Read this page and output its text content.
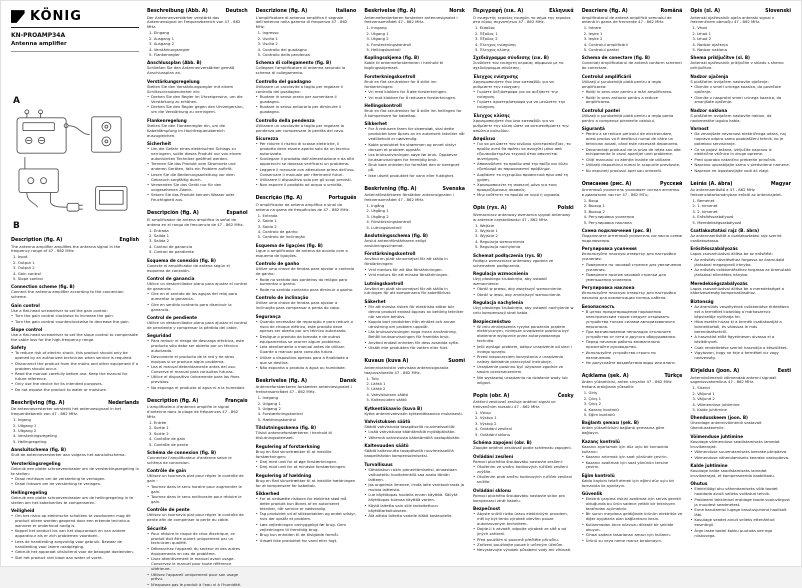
KÖNIG
KN-PROAMP34A
Antenna amplifier
A
B
Description (fig. A)	English
The antenna amplifier amplifies the antenna signal in the frequency range of 47 - 862 MHz.
1. Input
2. Output 1
3. Output 2
4. Gain control
5. Slope control
Connection scheme (fig. B)
Connect the antenna amplifier according to the connection scheme.
Gain control
Use a flat-head screwdriver to set the gain control:
• Turn the gain control clockwise to increase the gain.
• Turn the gain control counterclockwise to decrease the gain.
Slope control
Use a flat-head screwdriver to set the slope control to compensate the cable loss for the high-frequency range.
Safety
• To reduce risk of electric shock, this product should only be opened by an authorized technician when service is required.
• Disconnect the product from the mains and other equipment if a problem should occur.
• Read the manual carefully before use. Keep the manual for future reference.
• Only use the device for its intended purposes.
• Do not expose the product to water or moisture.
Beschrijving (fig. A)	Nederlands
De antenneversterker versterkt het antennesignaal in het frequentiebereik van 47 - 862 MHz.
1. Ingang
2. Uitgang 1
3. Uitgang 2
4. Versterkingsregeling
5. Hellingregeling
Aansluitschema (fig. B)
Sluit de antenneversterker aan volgens het aansluitschema.
Versterkingsregeling
Gebruik een platte schroevendraaier om de versterkingsregeling in te stellen:
• Draai rechtsom om de versterking te verhogen.
• Draai linksom om de versterking te verlagen.
Hellingregeling
Gebruik een platte schroevendraaier om de hellingregeling in te stellen om het kabelverlies te compenseren.
Veiligheid
• Om het risico op elektrische schokken te voorkomen mag dit product alleen worden geopend door een erkende technicus wanneer er onderhoud nodig is.
• Koppel het product los van het stopcontact en van andere apparatuur als er zich problemen voordoen.
• Lees de handleiding zorgvuldig voor gebruik. Bewaar de handleiding voor latere raadpleging.
• Gebruik het apparaat uitsluitend voor de beoogde doeleinden.
• Stel het product niet bloot aan water of vocht.
Beschreibung (Abb. A)	Deutsch
Der Antennenverstärker verstärkt das Antennensignal im Frequenzbereich von 47 - 862 MHz.
1. Eingang
2. Ausgang 1
3. Ausgang 2
4. Verstärkungsregler
5. Flankenregler
Anschlussplan (Abb. B)
Schließen Sie den Antennenverstärker gemäß Anschlussplan an.
Verstärkungsregelung
Stellen Sie den Verstärkungsregler mit einem Schlitzschraubendreher ein:
• Drehen Sie den Regler im Uhrzeigersinn, um die Verstärkung zu erhöhen.
• Drehen Sie den Regler gegen den Uhrzeigersinn, um die Verstärkung zu verringern.
Flankenregelung
Stellen Sie den Flankenregler ein, um die Kabeldämpfung im Hochfrequenzbereich auszugleichen.
Sicherheit
• Um die Gefahr eines elektrischen Schlags zu verringern, sollte dieses Produkt nur von einem autorisierten Techniker geöffnet werden.
• Trennen Sie das Produkt vom Stromnetz und anderen Geräten, falls ein Problem auftritt.
• Lesen Sie die Bedienungsanleitung vor dem Gebrauch sorgfältig durch.
• Verwenden Sie das Gerät nur für den vorgesehenen Zweck.
• Setzen Sie das Produkt keinem Wasser oder Feuchtigkeit aus.
Descripción (fig. A)	Español
El amplificador de antena amplifica la señal de antena en el rango de frecuencia de 47 - 862 MHz.
1. Entrada
2. Salida 1
3. Salida 2
4. Control de ganancia
5. Control de pendiente
Esquema de conexión (fig. B)
Conecte el amplificador de antena según el esquema de conexión.
Control de ganancia
Utilice un destornillador plano para ajustar el control de ganancia:
• Gire en el sentido de las agujas del reloj para aumentar la ganancia.
• Gire en sentido contrario para disminuir la ganancia.
Control de pendiente
Utilice un destornillador plano para ajustar el control de pendiente y compensar la pérdida del cable.
Seguridad
• Para reducir el riesgo de descarga eléctrica, este producto sólo debe ser abierto por un técnico autorizado.
• Desconecte el producto de la red y de otros equipos si se produce algún problema.
• Lea el manual detenidamente antes del uso. Conserve el manual para consultas futuras.
• Utilice el dispositivo únicamente para los fines previstos.
• No exponga el producto al agua ni a la humedad.
Description (fig. A)	Français
L'amplificateur d'antenne amplifie le signal d'antenne dans la plage de fréquences 47 - 862 MHz.
1. Entrée
2. Sortie 1
3. Sortie 2
4. Contrôle de gain
5. Contrôle de pente
Schéma de connexion (fig. B)
Connectez l'amplificateur d'antenne selon le schéma de connexion.
Contrôle de gain
Utilisez un tournevis plat pour régler le contrôle de gain :
• Tournez dans le sens horaire pour augmenter le gain.
• Tournez dans le sens antihoraire pour réduire le gain.
Contrôle de pente
Utilisez un tournevis plat pour régler le contrôle de pente afin de compenser la perte du câble.
Sécurité
• Pour réduire le risque de choc électrique, ce produit doit être ouvert uniquement par un technicien qualifié.
• Débranchez l'appareil du secteur et des autres équipements en cas de problème.
• Lisez attentivement le manuel avant usage. Conservez le manuel pour toute référence ultérieure.
• Utilisez l'appareil uniquement pour son usage prévu.
• N'exposez pas le produit à l'eau ni à l'humidité.
Descrizione (fig. A)	Italiano
L'amplificatore di antenna amplifica il segnale dell'antenna nella gamma di frequenza 47 - 862 MHz.
1. Ingresso
2. Uscita 1
3. Uscita 2
4. Controllo del guadagno
5. Controllo della pendenza
Schema di collegamento (fig. B)
Collegare l'amplificatore di antenna secondo lo schema di collegamento.
Controllo del guadagno
Utilizzare un cacciavite a taglio per regolare il controllo del guadagno:
• Ruotare in senso orario per aumentare il guadagno.
• Ruotare in senso antiorario per diminuire il guadagno.
Controllo della pendenza
Utilizzare un cacciavite a taglio per regolare la pendenza per compensare la perdita del cavo.
Sicurezza
• Per ridurre il rischio di scosse elettriche, il prodotto deve essere aperto solo da un tecnico autorizzato.
• Scollegare il prodotto dall'alimentazione e da altri apparecchi se dovesse verificarsi un problema.
• Leggere il manuale con attenzione prima dell'uso. Conservare il manuale per riferimenti futuri.
• Utilizzare il dispositivo solo per gli scopi previsti.
• Non esporre il prodotto ad acqua o umidità.
Descrição (fig. A)	Português
O amplificador de antena amplifica o sinal da antena na gama de frequências de 47 - 862 MHz.
1. Entrada
2. Saída 1
3. Saída 2
4. Controlo de ganho
5. Controlo de inclinação
Esquema de ligações (fig. B)
Ligue o amplificador de antena de acordo com o esquema de ligações.
Controlo de ganho
Utilize uma chave de fendas para ajustar o controlo de ganho:
• Rode no sentido dos ponteiros do relógio para aumentar o ganho.
• Rode no sentido contrário para diminuir o ganho.
Controlo de inclinação
Utilize uma chave de fendas para ajustar a inclinação para compensar a perda do cabo.
Segurança
• Quando necessitar de reparação e para reduzir o risco de choque elétrico, este produto deve apenas ser aberto por um técnico autorizado.
• Desligue o produto da tomada e de outros equipamentos se ocorrer algum problema.
• Leia atentamente o manual antes de utilizar. Guarde o manual para consulta futura.
• Utilize o dispositivo apenas para a finalidade a que se destina.
• Não exponha o produto à água ou humidade.
Beskrivelse (fig. A)	Dansk
Antenneforstærkeren forstærker antennesignalet i frekvensområdet 47 - 862 MHz.
1. Indgang
2. Udgang 1
3. Udgang 2
4. Forstærkningskontrol
5. Hældningskontrol
Tilslutningsskema (fig. B)
Tilslut antenneforstærkeren i henhold til tilslutningsskemaet.
Regulering af forstærkning
Brug en flad skruetrækker til at indstille forstærkningen:
• Drej med uret for at øge forstærkningen.
• Drej mod uret for at mindske forstærkningen.
Regulering af hældning
Brug en flad skruetrækker til at indstille hældningen for at kompensere for kabeltab.
Sikkerhed
• For at nedsætte risikoen for elektrisk stød må dette produkt kun åbnes af en autoriseret tekniker, når service er nødvendig.
• Tag produktet ud af stikkontakten og andet udstyr, hvis der opstår et problem.
• Læs vejledningen omhyggeligt før brug. Gem vejledningen til fremtidig brug.
• Brug kun enheden til de tilsigtede formål.
• Udsæt ikke produktet for vand eller fugt.
Beskrivelse (fig. A)	Norsk
Antenneforsterkeren forsterker antennesignalet i frekvensområdet 47 - 862 MHz.
1. Inngang
2. Utgang 1
3. Utgang 2
4. Forsterkningskontroll
5. Hellingskontroll
Koplingsskjema (fig. B)
Koble til antenneforsterkeren i henhold til koplingsskjemaet.
Forsterkningskontroll
Bruk en flat skrutrekker for å stille inn forsterkningen:
• Vri med klokken for å øke forsterkningen.
• Vri mot klokken for å redusere forsterkningen.
Hellingskontroll
Bruk en flat skrutrekker for å stille inn hellingen for å kompensere for kabeltap.
Sikkerhet
• For å redusere faren for strømstøt, skal dette produktet bare åpnes av en autorisert tekniker når vedlikehold er nødvendig.
• Koble produktet fra strømmen og annet utstyr dersom et problem oppstår.
• Les bruksanvisningen nøye før bruk. Oppbevar bruksanvisningen for fremtidig bruk.
• Bruk bare enheten for formålet den er beregnet på.
• Ikke utsett produktet for vann eller fuktighet.
Beskrivning (fig. A)	Svenska
Antennförstärkaren förstärker antennsignalen i frekvensområdet 47 - 862 MHz.
1. Ingång
2. Utgång 1
3. Utgång 2
4. Förstärkningskontroll
5. Lutningskontroll
Anslutningsschema (fig. B)
Anslut antennförstärkaren enligt anslutningsschemat.
Förstärkningskontroll
Använd en platt skruvmejsel för att ställa in förstärkningen:
• Vrid medurs för att öka förstärkningen.
• Vrid moturs för att minska förstärkningen.
Lutningskontroll
Använd en platt skruvmejsel för att ställa in lutningen för att kompensera för kabelförlust.
Säkerhet
• För att minska risken för elektriska stötar bör denna produkt endast öppnas av behörig tekniker när service behövs.
• Koppla bort produkten från elnätet och annan utrustning om problem uppstår.
• Läs bruksanvisningen noga innan användning. Behåll bruksanvisningen för framtida bruk.
• Använd endast enheten för dess avsedda syfte.
• Utsätt inte produkten för vatten eller fukt.
Kuvaus (kuva A)	Suomi
Antennivahvistin vahvistaa antennisignaalia taajuusalueella 47 - 862 MHz.
1. Tulo
2. Lähtö 1
3. Lähtö 2
4. Vahvistuksen säätö
5. Kaltevuuden säätö
Kytkentäkaavio (kuva B)
Kytke antennivahvistin kytkentäkaavion mukaisesti.
Vahvistuksen säätö
Säädä vahvistusta tasapäisellä ruuvimeisselillä:
• Lisää vahvistusta kääntämällä myötäpäivään.
• Vähennä vahvistusta kääntämällä vastapäivään.
Kaltevuuden säätö
Säädä kaltevuutta tasapäisellä ruuvimeisselillä kaapelihäviön kompensoimiseksi.
Turvallisuus
• Sähköiskun riskin pienentämiseksi, ainoastaan valtuutettu huoltohenkilö saa avata tämän laitteen.
• Jos ongelmia ilmenee, irrota laite verkkovirrasta ja muista laitteista.
• Lue käyttöopas huolella ennen käyttöä. Säilytä käyttöopas tulevaa käyttöä varten.
• Käytä laitetta vain sille tarkoitettuun käyttötarkoitukseen.
• Älä altista laitetta vedelle äläkä kosteudelle.
Περιγραφή (εικ. A)	Ελληνικά
Ο ενισχυτής κεραίας ενισχύει το σήμα της κεραίας στο εύρος συχνοτήτων 47 - 862 MHz.
1. Είσοδος
2. Έξοδος 1
3. Έξοδος 2
4. Έλεγχος ενίσχυσης
5. Έλεγχος κλίσης
Σχεδιάγραμμα σύνδεσης (εικ. B)
Συνδέστε τον ενισχυτή κεραίας σύμφωνα με το σχεδιάγραμμα σύνδεσης.
Έλεγχος ενίσχυσης
Χρησιμοποιήστε ένα ίσιο κατσαβίδι για να ρυθμίσετε την ενίσχυση:
• Γυρίστε δεξιόστροφα για να αυξήσετε την ενίσχυση.
• Γυρίστε αριστερόστροφα για να μειώσετε την ενίσχυση.
Έλεγχος κλίσης
Χρησιμοποιήστε ένα ίσιο κατσαβίδι για να ρυθμίσετε την κλίση ώστε να αντισταθμίσετε την απώλεια καλωδίου.
Ασφάλεια
• Για να μειώσετε τον κίνδυνο ηλεκτροπληξίας, το προϊόν αυτό θα πρέπει να ανοιχθεί μόνο από εξουσιοδοτημένο τεχνικό όταν απαιτείται συντήρηση.
• Αποσυνδέστε το προϊόν από την πρίζα και άλλο εξοπλισμό αν παρουσιαστεί πρόβλημα.
• Διαβάστε το εγχειρίδιο προσεκτικά πριν από τη χρήση.
• Χρησιμοποιείτε τη συσκευή μόνο για τους προοριζόμενους σκοπούς.
• Μην εκθέτετε το προϊόν σε νερό ή υγρασία.
Opis (rys. A)	Polski
Wzmacniacz antenowy wzmacnia sygnał antenowy w zakresie częstotliwości 47 - 862 MHz.
1. Wejście
2. Wyjście 1
3. Wyjście 2
4. Regulacja wzmocnienia
5. Regulacja nachylenia
Schemat podłączenia (rys. B)
Podłącz wzmacniacz antenowy zgodnie ze schematem podłączenia.
Regulacja wzmocnienia
Użyj płaskiego śrubokręta, aby ustawić wzmocnienie:
• Obróć w prawo, aby zwiększyć wzmocnienie.
• Obróć w lewo, aby zmniejszyć wzmocnienie.
Regulacja nachylenia
Użyj płaskiego śrubokręta, aby ustawić nachylenie w celu kompensacji strat kabla.
Bezpieczeństwo
• W celu zmniejszenia ryzyka porażenia prądem elektrycznym, niniejsze urządzenie powinno być otwierane wyłącznie przez autoryzowanego technika.
• Jeśli wystąpi problem, odłącz urządzenie od sieci i innego sprzętu.
• Przed rozpoczęciem korzystania z urządzenia należy dokładnie przeczytać instrukcję.
• Urządzenie powinno być używane zgodnie ze swoim przeznaczeniem.
• Nie wystawiaj urządzenia na działanie wody lub wilgoci.
Popis (obr. A)	Česky
Anténní zesilovač zesiluje anténní signál ve frekvenčním rozsahu 47 - 862 MHz.
1. Vstup
2. Výstup 1
3. Výstup 2
4. Ovládání zesílení
5. Ovládání sklonu
Schéma zapojení (obr. B)
Zapojte anténní zesilovač podle schématu zapojení.
Ovládání zesílení
Pomocí plochého šroubováku nastavte zesílení:
• Otočením ve směru hodinových ručiček zesílení zvýšíte.
• Otočením proti směru hodinových ručiček zesílení snížíte.
Ovládání sklonu
Pomocí plochého šroubováku nastavte sklon pro kompenzaci ztrát kabelu.
Bezpečnost
• Abyste snížili riziko úrazu elektrickým proudem, měl by být tento výrobek otevřen pouze autorizovaným technikem.
• Dojde-li k závadě, odpojte výrobek ze sítě a od jiných zařízení.
• Před použitím si pozorně přečtěte příručku.
• Zařízení používejte pouze k určeným účelům.
• Nevystavujte výrobek působení vody ani vlhkosti.
Descriere (fig. A)	Română
Amplificatorul de antenă amplifică semnalul de antenă în gama de frecvențe 47 - 862 MHz.
1. Intrare
2. Ieșire 1
3. Ieșire 2
4. Controlul amplificării
5. Controlul pantei
Schema de conectare (fig. B)
Conectați amplificatorul de antenă conform schemei de conectare.
Controlul amplificării
Utilizați o șurubelniță plată pentru a regla amplificarea:
• Rotiți în sens orar pentru a mări amplificarea.
• Rotiți în sens antiorar pentru a reduce amplificarea.
Controlul pantei
Utilizați o șurubelniță plată pentru a regla panta pentru a compensa pierderile cablului.
Siguranță
• Pentru a se reduce pericolul de electrocutare, acest produs va fi desfăcut numai de către un tehnician avizat, când este necesară depanarea.
• Deconectați produsul de la priza de rețea sau alte echipamente în cazul apariției unei probleme.
• Citiți manualul cu atenție înainte de utilizare.
• Utilizați dispozitivul numai în scopurile prevăzute.
• Nu expuneți produsul apei sau umezelii.
Описание (рис. A)	Русский
Антенный усилитель усиливает сигнал антенны в диапазоне частот 47 - 862 МГц.
1. Вход
2. Выход 1
3. Выход 2
4. Регулировка усиления
5. Регулировка наклона
Схема подключения (рис. B)
Подключите антенный усилитель согласно схеме подключения.
Регулировка усиления
Используйте плоскую отвертку для настройки усиления:
• Поверните по часовой стрелке для увеличения усиления.
• Поверните против часовой стрелки для уменьшения усиления.
Регулировка наклона
Используйте плоскую отвертку для настройки наклона для компенсации потерь кабеля.
Безопасность
• В целях предотвращения поражения электрическим током следует открывать устройство только силами авторизованного персонала.
• При возникновении неполадок отключите устройство от сети и другого оборудования.
• Перед началом работы внимательно прочитайте руководство.
• Используйте устройство строго по назначению.
• Не допускайте воздействия воды или влаги.
Açıklama (şek. A)	Türkçe
Anten yükselticisi, anten sinyalini 47 - 862 MHz frekans aralığında yükseltir.
1. Giriş
2. Çıkış 1
3. Çıkış 2
4. Kazanç kontrolü
5. Eğim kontrolü
Bağlantı şeması (şek. B)
Anten yükselticisini bağlantı şemasına göre bağlayın.
Kazanç kontrolü
Kazancı ayarlamak için düz uçlu bir tornavida kullanın:
• Kazancı artırmak için saat yönünde çevirin.
• Kazancı azaltmak için saat yönünün tersine çevirin.
Eğim kontrolü
Kablo kaybını telafi etmek için eğimi düz uçlu bir tornavida ile ayarlayın.
Güvenlik
• Elektrik çarpma riskini azaltmak için servis gerekli olduğunda bu ürün sadece yetkili bir teknisyen tarafından açılmalıdır.
• Bir sorun meydana geldiğinde ürünün elektrikle ve diğer aygıtlarla olan bağlantısını kesin.
• Kullanmadan önce kılavuzu dikkatli bir şekilde okuyun.
• Cihazı sadece tasarlanan amacı için kullanın.
• Ürünü su veya neme maruz bırakmayın.
Opis (sl. A)	Slovenski
Antenski ojačevalnik ojača antenski signal v frekvenčnem območju 47 - 862 MHz.
1. Vhod
2. Izhod 1
3. Izhod 2
4. Nadzor ojačenja
5. Nadzor naklona
Shema priključitve (sl. B)
Antenski ojačevalnik priključite v skladu s shemo priključitve.
Nadzor ojačenja
S ploščatim izvijačem nastavite ojačenje:
• Obrnite v smeri urinega kazalca, da povečate ojačenje.
• Obrnite v nasprotni smeri urinega kazalca, da zmanjšate ojačenje.
Nadzor naklona
S ploščatim izvijačem nastavite naklon, da nadomestite izgubo kabla.
Varnost
• Da zmanjšate nevarnost električnega udara, naj napravo odpira samo pooblaščeni tehnik, ko je potrebno servisiranje.
• Če se pojavi težava, izključite napravo iz električne vtičnice in druge opreme.
• Pred uporabo natančno preberite priročnik.
• Napravo uporabljajte samo v predvidene namene.
• Naprave ne izpostavljajte vodi ali vlagi.
Leírás (A. ábra)	Magyar
Az antennaerősítő a 47 - 862 MHz frekvenciatartományban erősíti az antennajelet.
1. Bemenet
2. 1. kimenet
3. 2. kimenet
4. Erősítésszabályozó
5. Meredekségszabályozó
Csatlakoztatási rajz (B. ábra)
Az antennaerősítőt a csatlakoztatási rajz szerint csatlakoztassa.
Erősítésszabályozás
Lapos csavarhúzóval állítsa be az erősítést:
• Az erősítés növeléséhez forgassa az óramutató járásával megegyező irányba.
• Az erősítés csökkentéséhez forgassa az óramutató járásával ellentétes irányba.
Meredekségszabályozás
Lapos csavarhúzóval állítsa be a meredekséget a kábelveszteség kompenzálásához.
Biztonság
• Az áramütés veszélyének csökkentése érdekében ezt a terméket kizárólag a márkaszerviz képviselője nyithatja fel.
• Hiba esetén húzza ki a termék csatlakozóját a konnektorból, és válassza le más berendezésekről.
• A használat előtt figyelmesen olvassa el a kézikönyvet.
• Csak rendeltetése szerint használja a készüléket.
• Vigyázzon, hogy ne érje a terméket víz vagy nedvesség.
Kirjeldus (joon. A)	Eesti
Antennivõimendi võimendab antenni signaali sagedusvahemikus 47 - 862 MHz.
1. Sisend
2. Väljund 1
3. Väljund 2
4. Võimenduse juhtimine
5. Kalde juhtimine
Ühendusskeem (joon. B)
Ühendage antennivõimendi vastavalt ühendusskeemile.
Võimenduse juhtimine
Kasutage võimenduse seadistamiseks lamedat kruvikeerajat:
• Võimenduse suurendamiseks keerake päripäeva.
• Võimenduse vähendamiseks keerake vastupäeva.
Kalde juhtimine
Kasutage kalde seadistamiseks lamedat kruvikeerajat, et kompenseerida kaablikadu.
Ohutus
• Elektrilöögi ohu vähendamiseks võib toodet hooldada ainult selleks volitatud tehnik.
• Probleemi tekkimisel eraldage toode vooluvõrgust ja muudest seadmetest.
• Enne kasutamist lugege kasutusjuhend hoolikalt läbi.
• Kasutage seadet ainult selleks ettenähtud eesmärgil.
• Ärge laske tootel kokku puutuda vee ega niiskusega.
